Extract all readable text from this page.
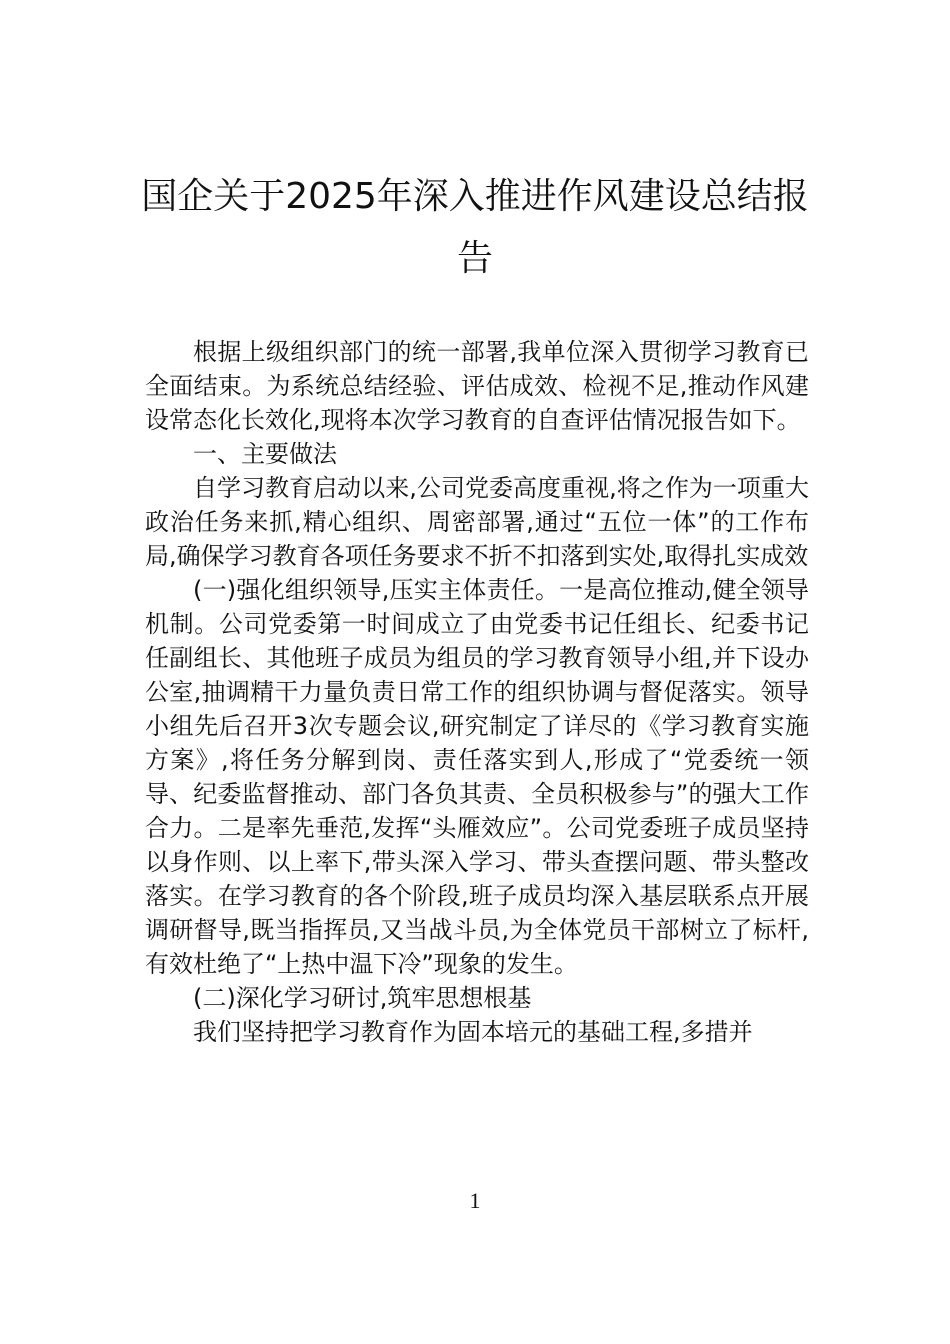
国企关于2025年深入推进作风建设总结报告

根据上级组织部门的统一部署,我单位深入贯彻学习教育已全面结束。为系统总结经验、评估成效、检视不足,推动作风建设常态化长效化,现将本次学习教育的自查评估情况报告如下。

一、主要做法

自学习教育启动以来,公司党委高度重视,将之作为一项重大政治任务来抓,精心组织、周密部署,通过“五位一体”的工作布局,确保学习教育各项任务要求不折不扣落到实处,取得扎实成效

(一)强化组织领导,压实主体责任。一是高位推动,健全领导机制。公司党委第一时间成立了由党委书记任组长、纪委书记任副组长、其他班子成员为组员的学习教育领导小组,并下设办公室,抽调精干力量负责日常工作的组织协调与督促落实。领导小组先后召开3次专题会议,研究制定了详尽的《学习教育实施方案》,将任务分解到岗、责任落实到人,形成了“党委统一领导、纪委监督推动、部门各负其责、全员积极参与”的强大工作合力。二是率先垂范,发挥“头雁效应”。公司党委班子成员坚持以身作则、以上率下,带头深入学习、带头查摆问题、带头整改落实。在学习教育的各个阶段,班子成员均深入基层联系点开展调研督导,既当指挥员,又当战斗员,为全体党员干部树立了标杆,有效杜绝了“上热中温下冷”现象的发生。

(二)深化学习研讨,筑牢思想根基

我们坚持把学习教育作为固本培元的基础工程,多措并

1
